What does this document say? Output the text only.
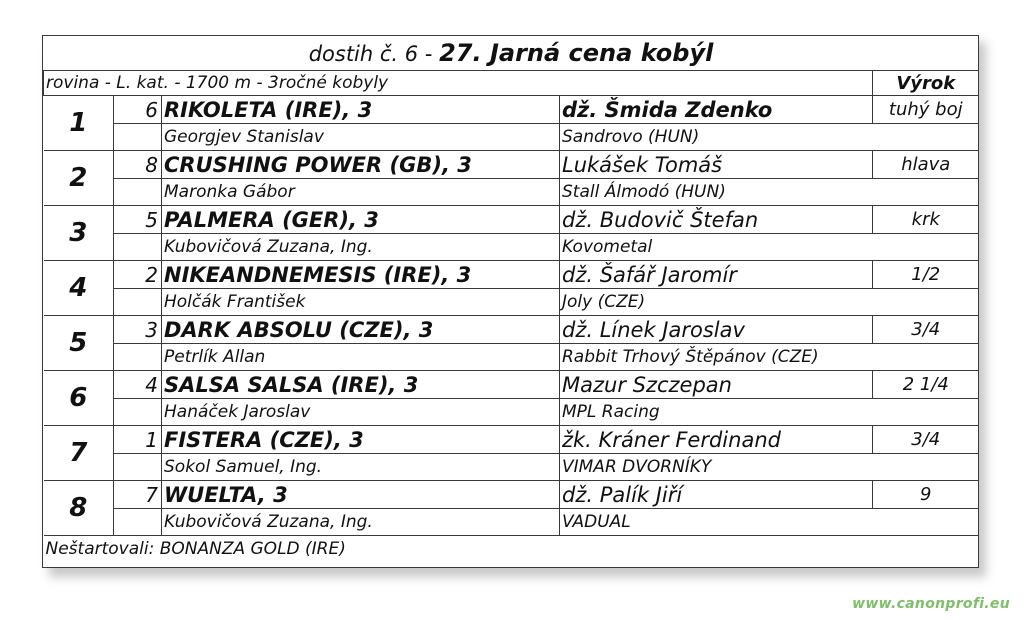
dostih č. 6 - 27. Jarná cena kobýl				
rovina - L. kat. - 1700 m - 3ročné kobyly				Výrok
1	6	RIKOLETA (IRE), 3	dž. Šmida Zdenko	tuhý boj
		Georgjev Stanislav	Sandrovo (HUN)	
2	8	CRUSHING POWER (GB), 3	Lukášek Tomáš	hlava
		Maronka Gábor	Stall Álmodó (HUN)	
3	5	PALMERA (GER), 3	dž. Budovič Štefan	krk
		Kubovičová Zuzana, Ing.	Kovometal	
4	2	NIKEANDNEMESIS (IRE), 3	dž. Šafář Jaromír	1/2
		Holčák František	Joly (CZE)	
5	3	DARK ABSOLU (CZE), 3	dž. Línek Jaroslav	3/4
		Petrlík Allan	Rabbit Trhový Štěpánov (CZE)	
6	4	SALSA SALSA (IRE), 3	Mazur Szczepan	2 1/4
		Hanáček Jaroslav	MPL Racing	
7	1	FISTERA (CZE), 3	žk. Kráner Ferdinand	3/4
		Sokol Samuel, Ing.	VIMAR DVORNÍKY	
8	7	WUELTA, 3	dž. Palík Jiří	9
		Kubovičová Zuzana, Ing.	VADUAL	
Neštartovali: BONANZA GOLD (IRE)				
www.canonprofi.eu
